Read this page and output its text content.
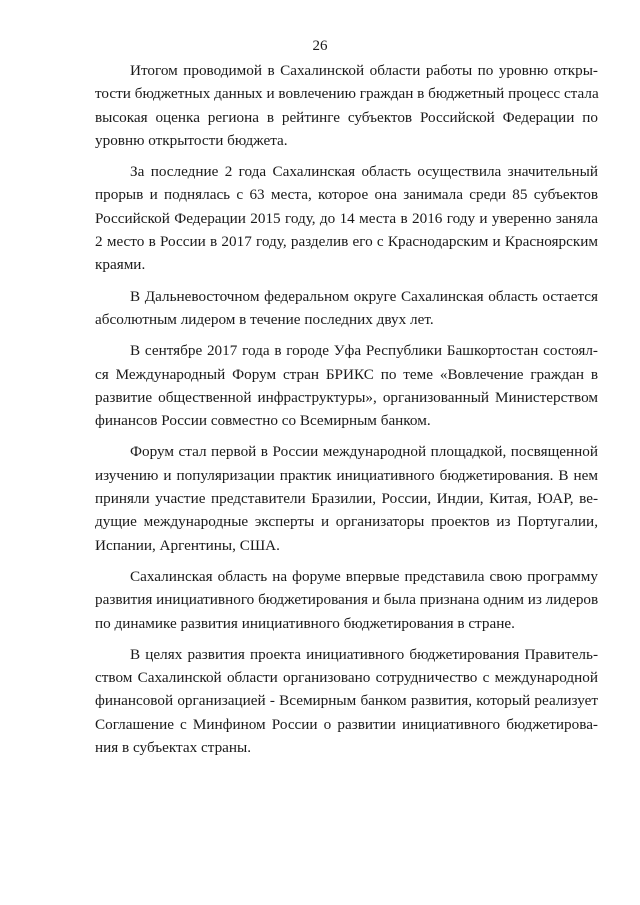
26

Итогом проводимой в Сахалинской области работы по уровню откры-
тости бюджетных данных и вовлечению граждан в бюджетный процесс стала
высокая оценка региона в рейтинге субъектов Российской Федерации по
уровню открытости бюджета.

За последние 2 года Сахалинская область осуществила значительный
прорыв и поднялась с 63 места, которое она занимала среди 85 субъектов
Российской Федерации 2015 году, до 14 места в 2016 году и уверенно заняла
2 место в России в 2017 году, разделив его с Краснодарским и Красноярским
краями.

В Дальневосточном федеральном округе Сахалинская область остается
абсолютным лидером в течение последних двух лет.

В сентябре 2017 года в городе Уфа Республики Башкортостан состоял-
ся Международный Форум стран БРИКС по теме «Вовлечение граждан в
развитие общественной инфраструктуры», организованный Министерством
финансов России совместно со Всемирным банком.

Форум стал первой в России международной площадкой, посвященной
изучению и популяризации практик инициативного бюджетирования. В нем
приняли участие представители Бразилии, России, Индии, Китая, ЮАР, ве-
дущие международные эксперты и организаторы проектов из Португалии,
Испании, Аргентины, США.

Сахалинская область на форуме впервые представила свою программу
развития инициативного бюджетирования и была признана одним из лидеров
по динамике развития инициативного бюджетирования в стране.

В целях развития проекта инициативного бюджетирования Правитель-
ством Сахалинской области организовано сотрудничество с международной
финансовой организацией - Всемирным банком развития, который реализует
Соглашение с Минфином России о развитии инициативного бюджетирова-
ния в субъектах страны.
